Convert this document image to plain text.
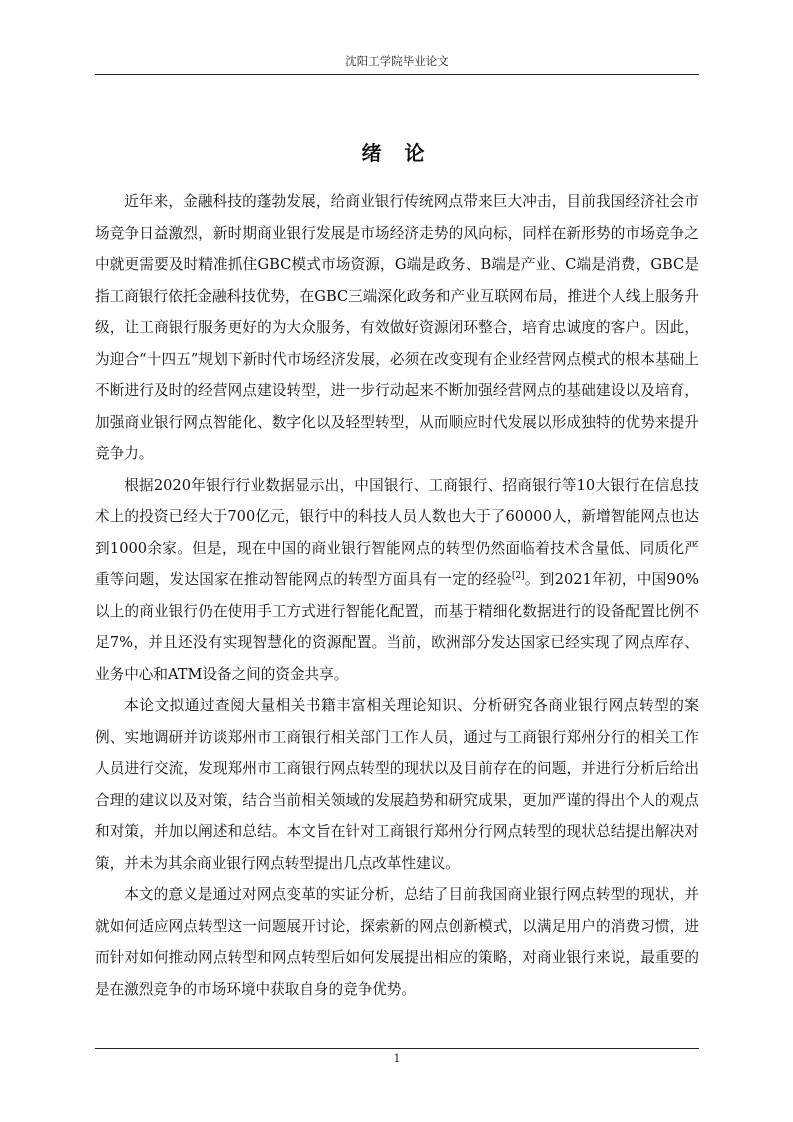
沈阳工学院毕业论文
绪 论

近年来，金融科技的蓬勃发展，给商业银行传统网点带来巨大冲击，目前我国经济社会市场竞争日益激烈，新时期商业银行发展是市场经济走势的风向标，同样在新形势的市场竞争之中就更需要及时精准抓住GBC模式市场资源，G端是政务、B端是产业、C端是消费，GBC是指工商银行依托金融科技优势，在GBC三端深化政务和产业互联网布局，推进个人线上服务升级，让工商银行服务更好的为大众服务，有效做好资源闭环整合，培育忠诚度的客户。因此，为迎合“十四五”规划下新时代市场经济发展，必须在改变现有企业经营网点模式的根本基础上不断进行及时的经营网点建设转型，进一步行动起来不断加强经营网点的基础建设以及培育，加强商业银行网点智能化、数字化以及轻型转型，从而顺应时代发展以形成独特的优势来提升竞争力。

根据2020年银行行业数据显示出，中国银行、工商银行、招商银行等10大银行在信息技术上的投资已经大于700亿元，银行中的科技人员人数也大于了60000人，新增智能网点也达到1000余家。但是，现在中国的商业银行智能网点的转型仍然面临着技术含量低、同质化严重等问题，发达国家在推动智能网点的转型方面具有一定的经验[2]。到2021年初，中国90%以上的商业银行仍在使用手工方式进行智能化配置，而基于精细化数据进行的设备配置比例不足7%，并且还没有实现智慧化的资源配置。当前，欧洲部分发达国家已经实现了网点库存、业务中心和ATM设备之间的资金共享。

本论文拟通过查阅大量相关书籍丰富相关理论知识、分析研究各商业银行网点转型的案例、实地调研并访谈郑州市工商银行相关部门工作人员，通过与工商银行郑州分行的相关工作人员进行交流，发现郑州市工商银行网点转型的现状以及目前存在的问题，并进行分析后给出合理的建议以及对策，结合当前相关领域的发展趋势和研究成果，更加严谨的得出个人的观点和对策，并加以阐述和总结。本文旨在针对工商银行郑州分行网点转型的现状总结提出解决对策，并未为其余商业银行网点转型提出几点改革性建议。

本文的意义是通过对网点变革的实证分析，总结了目前我国商业银行网点转型的现状，并就如何适应网点转型这一问题展开讨论，探索新的网点创新模式，以满足用户的消费习惯，进而针对如何推动网点转型和网点转型后如何发展提出相应的策略，对商业银行来说，最重要的是在激烈竞争的市场环境中获取自身的竞争优势。

1
